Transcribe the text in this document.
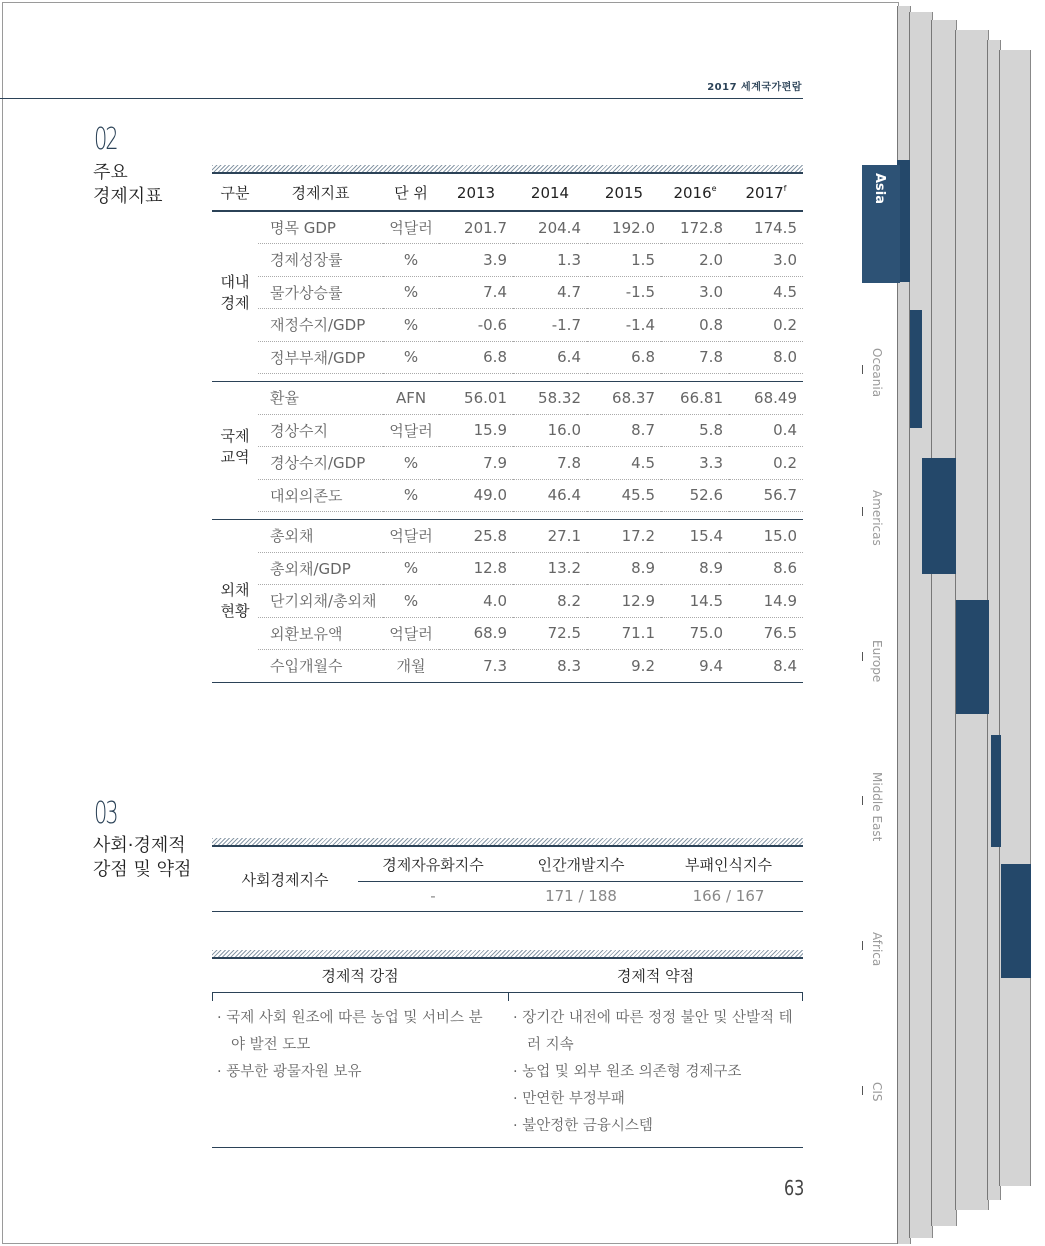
2017 세계국가편람
02
주요
경제지표	구분	경제지표	단 위	2013	2014	2015	2016e	2017$^f$

대내
경제	명목 GDP	억달러	201.7	204.4	192.0	172.8	174.5
	경제성장률	%	3.9	1.3	1.5	2.0	3.0
	물가상승률	%	7.4	4.7	-1.5	3.0	4.5
	재정수지/GDP	%	-0.6	-1.7	-1.4	0.8	0.2
	정부부채/GDP	%	6.8	6.4	6.8	7.8	8.0

국제
교역	환율	AFN	56.01	58.32	68.37	66.81	68.49
	경상수지	억달러	15.9	16.0	8.7	5.8	0.4
	경상수지/GDP	%	7.9	7.8	4.5	3.3	0.2
	대외의존도	%	49.0	46.4	45.5	52.6	56.7

외채
현황	총외채	억달러	25.8	27.1	17.2	15.4	15.0
	총외채/GDP	%	12.8	13.2	8.9	8.9	8.6
	단기외채/총외채	%	4.0	8.2	12.9	14.5	14.9
	외환보유액	억달러	68.9	72.5	71.1	75.0	76.5
	수입개월수	개월	7.3	8.3	9.2	9.4	8.4
03
사회·경제적
강점 및 약점	사회경제지수	경제자유화지수	인간개발지수	부패인식지수
	-	171 / 188	166 / 167
경제적 강점	경제적 약점
· 국제 사회 원조에 따른 농업 및 서비스 분야 발전 도모
· 풍부한 광물자원 보유
· 장기간 내전에 따른 정정 불안 및 산발적 테러 지속
· 농업 및 외부 원조 의존형 경제구조
· 만연한 부정부패
· 불안정한 금융시스템
63
Asia
Oceania
Americas
Europe
Middle East
Africa
CIS
